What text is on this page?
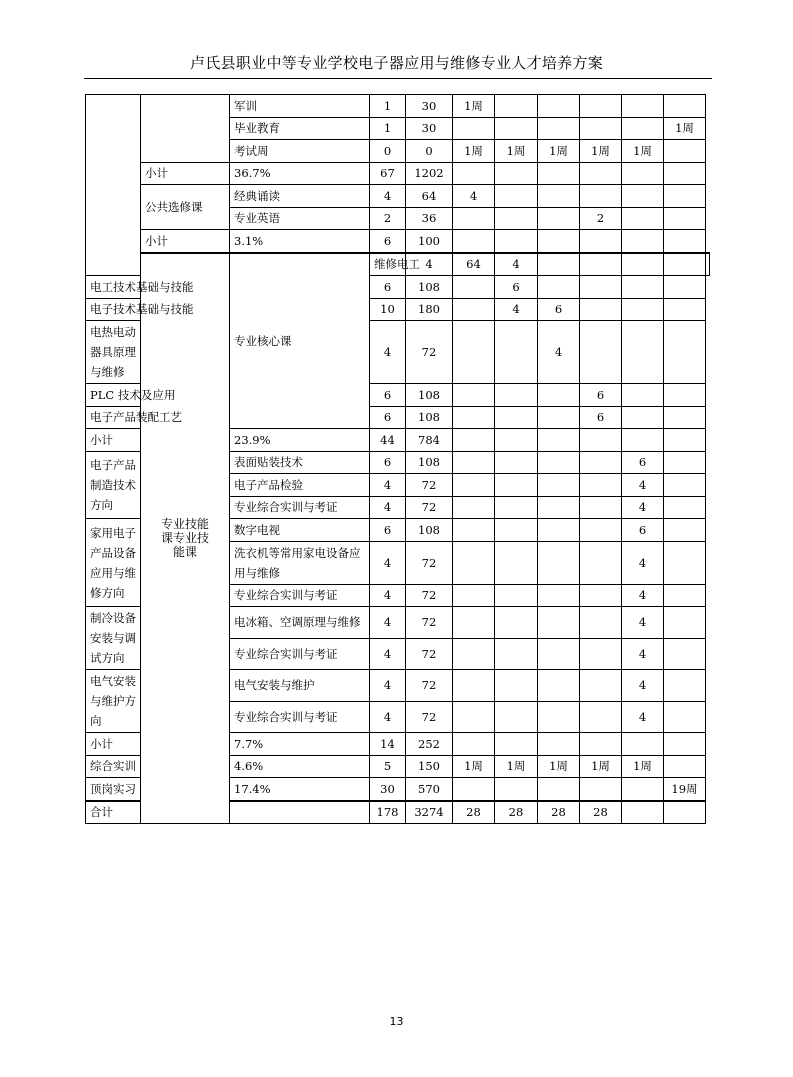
卢氏县职业中等专业学校电子器应用与维修专业人才培养方案
		军训	1	30	1周						
		毕业教育	1	30						1周	
		考试周	0	0	1周	1周	1周	1周	1周		
	小计	36.7%	67	1202							
	公共选修课	经典诵读	4	64	4						
		专业英语	2	36				2			
	小计	3.1%	6	100							
	专业技能课专业技能课	专业核心课	维修电工	4	64	4					
电工技术基础与技能			6	108		6					
电子技术基础与技能			10	180		4	6				
电热电动器具原理与维修			4	72			4				
PLC 技术及应用			6	108				6			
电子产品装配工艺			6	108				6			
小计		23.9%	44	784							
电子产品制造技术方向		表面贴装技术	6	108					6		
		电子产品检验	4	72					4		
		专业综合实训与考证	4	72					4		
家用电子产品设备应用与维修方向		数字电视	6	108					6		
		洗衣机等常用家电设备应用与维修	4	72					4		
		专业综合实训与考证	4	72					4		
制冷设备安装与调试方向		电冰箱、空调原理与维修	4	72					4		
		专业综合实训与考证	4	72					4		
电气安装与维护方向		电气安装与维护	4	72					4		
		专业综合实训与考证	4	72					4		
小计		7.7%	14	252							
综合实训		4.6%	5	150	1周	1周	1周	1周	1周		
顶岗实习		17.4%	30	570						19周	
合计			178	3274	28	28	28	28			
13
